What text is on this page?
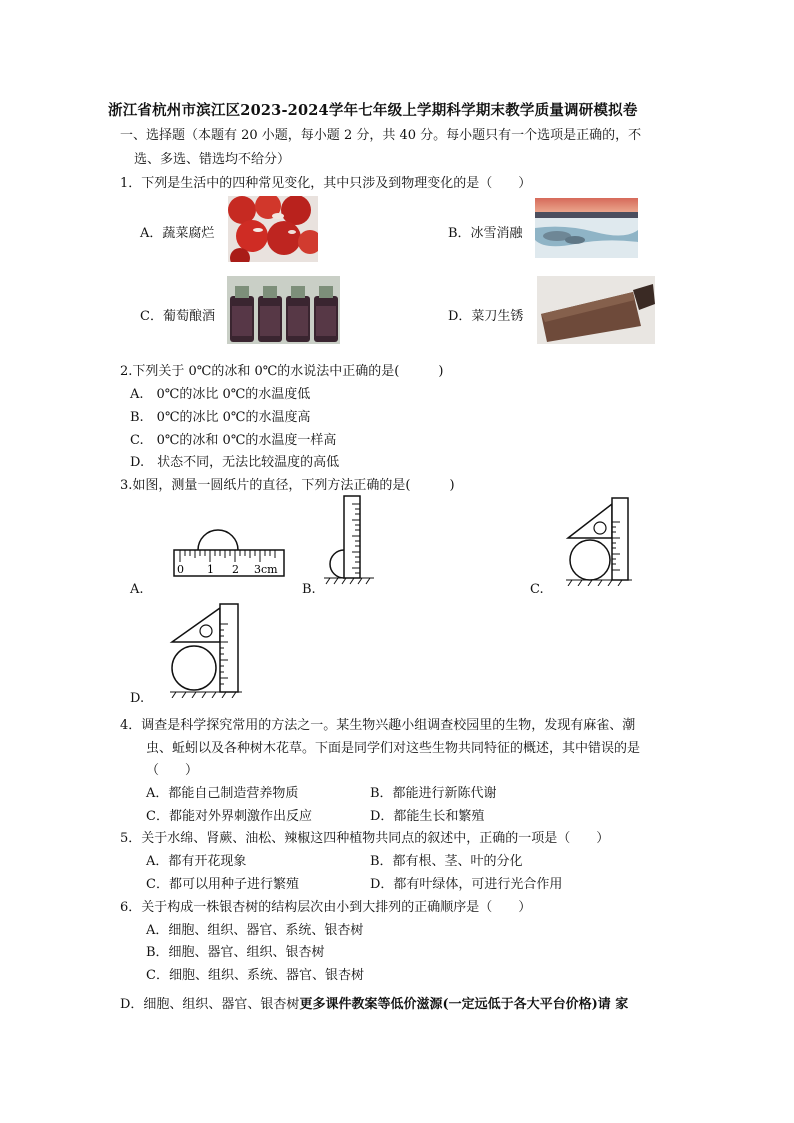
浙江省杭州市滨江区2023-2024学年七年级上学期科学期末教学质量调研模拟卷
一、选择题（本题有 20 小题，每小题 2 分，共 40 分。每小题只有一个选项是正确的，不
选、多选、错选均不给分）
1．下列是生活中的四种常见变化，其中只涉及到物理变化的是（　　）
A．蔬菜腐烂	B．冰雪消融
C．葡萄酿酒	D．菜刀生锈
2.下列关于 0℃的冰和 0℃的水说法中正确的是(　　　)
A.　0℃的冰比 0℃的水温度低
B.　0℃的冰比 0℃的水温度高
C.　0℃的冰和 0℃的水温度一样高
D.　状态不同，无法比较温度的高低
3.如图，测量一圆纸片的直径，下列方法正确的是(　　　)
A.
0 1 2 3cm
B.	C.
D.
4．调查是科学探究常用的方法之一。某生物兴趣小组调查校园里的生物，发现有麻雀、潮
虫、蚯蚓以及各种树木花草。下面是同学们对这些生物共同特征的概述，其中错误的是
（　　）
A．都能自己制造营养物质	B．都能进行新陈代谢
C．都能对外界刺激作出反应	D．都能生长和繁殖
5．关于水绵、肾蕨、油松、辣椒这四种植物共同点的叙述中，正确的一项是（　　）
A．都有开花现象	B．都有根、茎、叶的分化
C．都可以用种子进行繁殖	D．都有叶绿体，可进行光合作用
6．关于构成一株银杏树的结构层次由小到大排列的正确顺序是（　　）
A．细胞、组织、器官、系统、银杏树
B．细胞、器官、组织、银杏树
C．细胞、组织、系统、器官、银杏树
D．细胞、组织、器官、银杏树更多课件教案等低价滋源(一定远低于各大平台价格)请 家
